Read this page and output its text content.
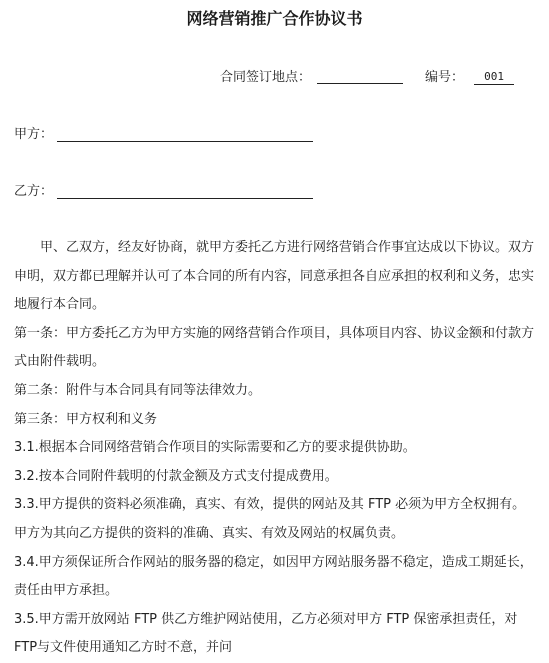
网络营销推广合作协议书
合同签订地点：	编号： 001
甲方：
乙方：

甲、乙双方，经友好协商，就甲方委托乙方进行网络营销合作事宜达成以下协议。双方申明，双方都已理解并认可了本合同的所有内容，同意承担各自应承担的权利和义务，忠实地履行本合同。

第一条：甲方委托乙方为甲方实施的网络营销合作项目，具体项目内容、协议金额和付款方式由附件载明。

第二条：附件与本合同具有同等法律效力。

第三条：甲方权利和义务

3.1.根据本合同网络营销合作项目的实际需要和乙方的要求提供协助。

3.2.按本合同附件载明的付款金额及方式支付提成费用。

3.3.甲方提供的资料必须准确，真实、有效，提供的网站及其 FTP 必须为甲方全权拥有。甲方为其向乙方提供的资料的准确、真实、有效及网站的权属负责。

3.4.甲方须保证所合作网站的服务器的稳定，如因甲方网站服务器不稳定，造成工期延长，责任由甲方承担。

3.5.甲方需开放网站 FTP 供乙方维护网站使用，乙方必须对甲方 FTP 保密承担责任，对FTP与文件使用通知乙方时不意，并问
